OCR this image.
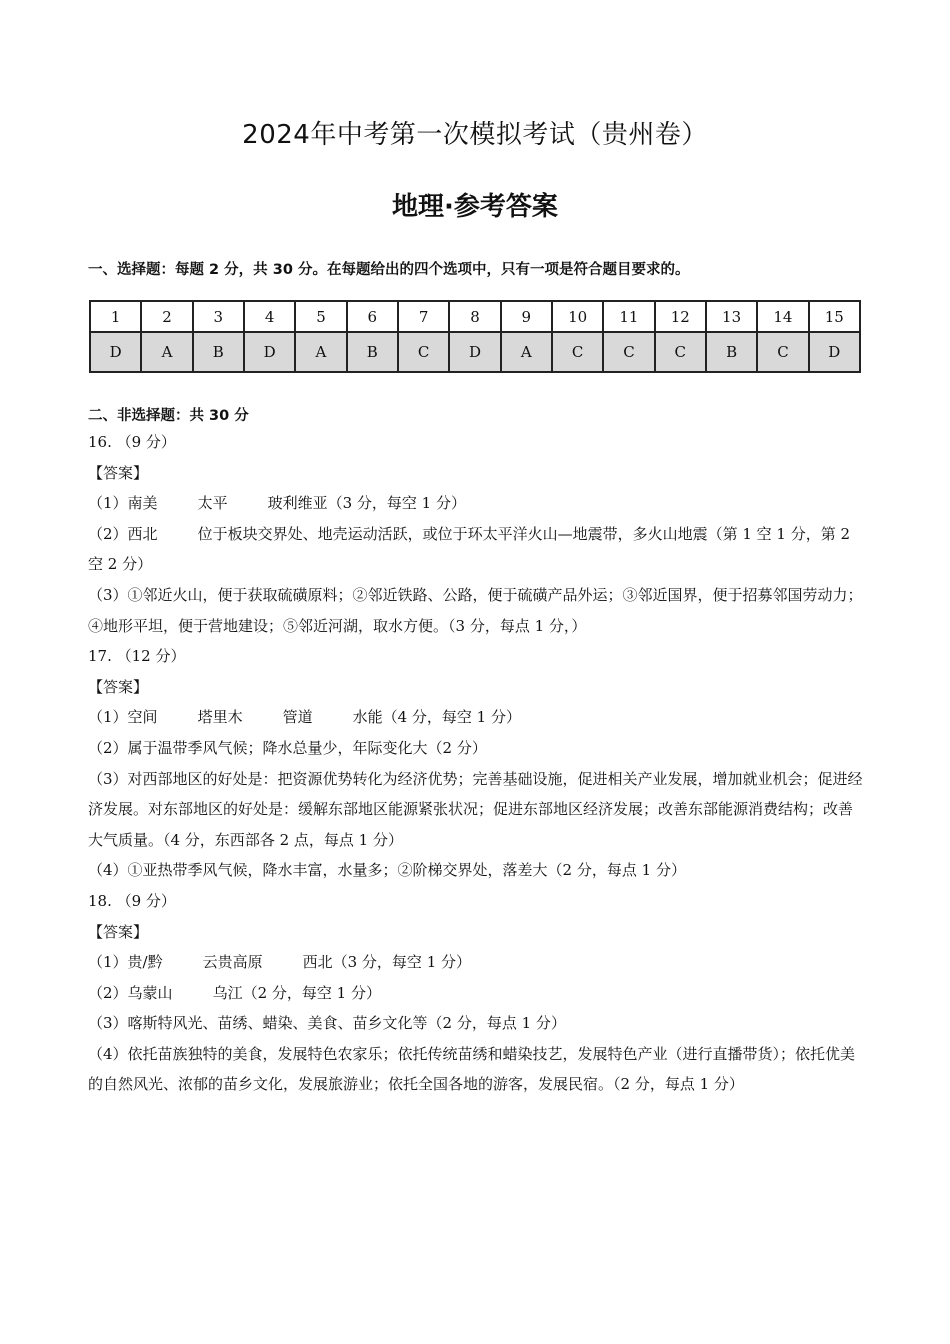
2024年中考第一次模拟考试（贵州卷）
地理·参考答案
一、选择题：每题 2 分，共 30 分。在每题给出的四个选项中，只有一项是符合题目要求的。
1	2	3	4	5	6	7	8	9	10	11	12	13	14	15
D	A	B	D	A	B	C	D	A	C	C	C	B	C	D
二、非选择题：共 30 分

16. （9 分）

【答案】

（1）南美	太平	玻利维亚（3 分，每空 1 分）

（2）西北	位于板块交界处、地壳运动活跃，或位于环太平洋火山—地震带，多火山地震（第 1 空 1 分，第 2 空 2 分）

（3）①邻近火山，便于获取硫磺原料；②邻近铁路、公路，便于硫磺产品外运；③邻近国界，便于招募邻国劳动力；④地形平坦，便于营地建设；⑤邻近河湖，取水方便。（3 分，每点 1 分，）

17. （12 分）

【答案】

（1）空间	塔里木	管道	水能（4 分，每空 1 分）

（2）属于温带季风气候；降水总量少，年际变化大（2 分）

（3）对西部地区的好处是：把资源优势转化为经济优势；完善基础设施，促进相关产业发展，增加就业机会；促进经济发展。对东部地区的好处是：缓解东部地区能源紧张状况；促进东部地区经济发展；改善东部能源消费结构；改善大气质量。（4 分，东西部各 2 点，每点 1 分）

（4）①亚热带季风气候，降水丰富，水量多；②阶梯交界处，落差大（2 分，每点 1 分）

18. （9 分）

【答案】

（1）贵/黔	云贵高原	西北（3 分，每空 1 分）

（2）乌蒙山	乌江（2 分，每空 1 分）

（3）喀斯特风光、苗绣、蜡染、美食、苗乡文化等（2 分，每点 1 分）

（4）依托苗族独特的美食，发展特色农家乐；依托传统苗绣和蜡染技艺，发展特色产业（进行直播带货）；依托优美的自然风光、浓郁的苗乡文化，发展旅游业；依托全国各地的游客，发展民宿。（2 分，每点 1 分）
